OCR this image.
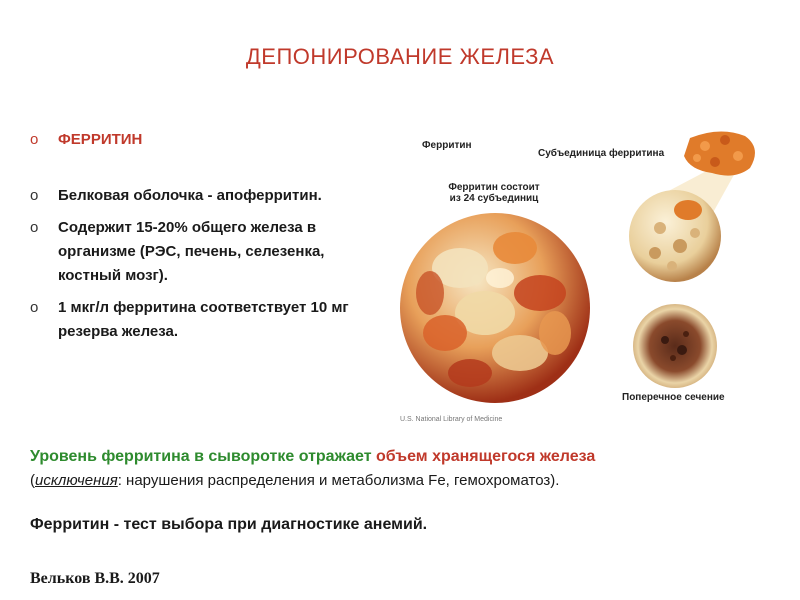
ДЕПОНИРОВАНИЕ ЖЕЛЕЗА
o ФЕРРИТИН
o Белковая оболочка - апоферритин.
o Содержит 15-20% общего железа в организме (РЭС, печень, селезенка, костный мозг).
o 1 мкг/л ферритина соответствует 10 мг резерва железа.
Ферритин
Субъединица ферритина
Ферритин состоит
из 24 субъединиц
Поперечное сечение
U.S. National Library of Medicine
Уровень ферритина в сыворотке отражает объем хранящегося железа
(исключения: нарушения распределения и метаболизма Fe, гемохроматоз).
Ферритин - тест выбора при диагностике анемий.
Вельков В.В. 2007
